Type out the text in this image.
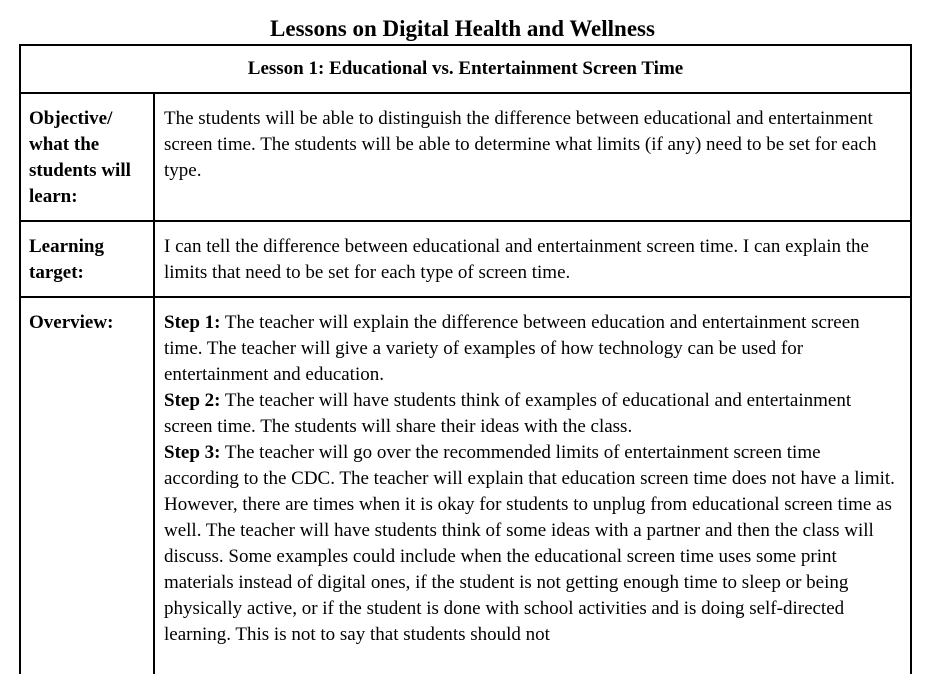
Lessons on Digital Health and Wellness
Lesson 1: Educational vs. Entertainment Screen Time	
Objective/ what the students will learn:	The students will be able to distinguish the difference between educational and entertainment screen time. The students will be able to determine what limits (if any) need to be set for each type.
Learning target:	I can tell the difference between educational and entertainment screen time. I can explain the limits that need to be set for each type of screen time.
Overview:	Step 1: The teacher will explain the difference between education and entertainment screen time. The teacher will give a variety of examples of how technology can be used for entertainment and education.
Step 2: The teacher will have students think of examples of educational and entertainment screen time. The students will share their ideas with the class.
Step 3: The teacher will go over the recommended limits of entertainment screen time according to the CDC. The teacher will explain that education screen time does not have a limit. However, there are times when it is okay for students to unplug from educational screen time as well. The teacher will have students think of some ideas with a partner and then the class will discuss. Some examples could include when the educational screen time uses some print materials instead of digital ones, if the student is not getting enough time to sleep or being physically active, or if the student is done with school activities and is doing self-directed learning. This is not to say that students should not
